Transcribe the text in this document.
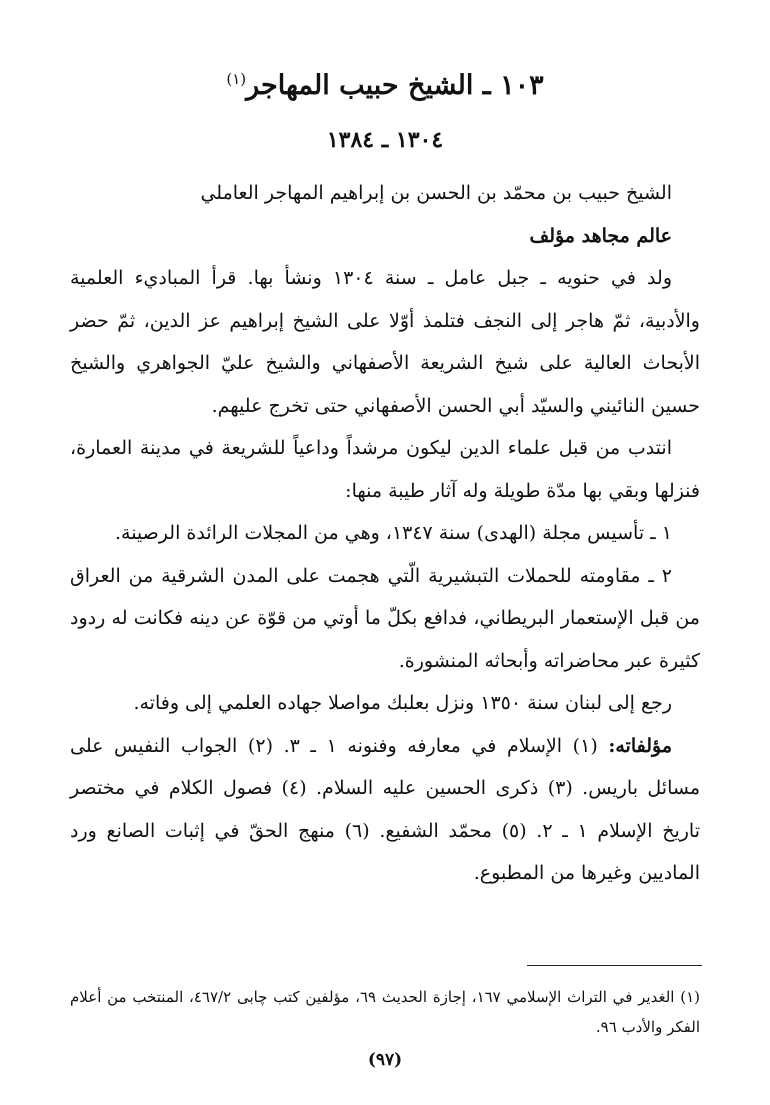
١٠٣ ـ الشيخ حبيب المهاجر$^{(١)}$
١٣٠٤ ـ ١٣٨٤

الشيخ حبيب بن محمّد بن الحسن بن إبراهيم المهاجر العاملي

عالم مجاهد مؤلف

ولد في حنويه ـ جبل عامل ـ سنة ١٣٠٤ ونشأ بها. قرأ المباديء العلمية والأدبية، ثمّ هاجر إلى النجف فتلمذ أوّلا على الشيخ إبراهيم عز الدين، ثمّ حضر الأبحاث العالية على شيخ الشريعة الأصفهاني والشيخ عليّ الجواهري والشيخ حسين النائيني والسيّد أبي الحسن الأصفهاني حتى تخرج عليهم.

انتدب من قبل علماء الدين ليكون مرشداً وداعياً للشريعة في مدينة العمارة، فنزلها وبقي بها مدّة طويلة وله آثار طيبة منها:

١ ـ تأسيس مجلة (الهدى) سنة ١٣٤٧، وهي من المجلات الرائدة الرصينة.

٢ ـ مقاومته للحملات التبشيرية الّتي هجمت على المدن الشرقية من العراق من قبل الإستعمار البريطاني، فدافع بكلّ ما أوتي من قوّة عن دينه فكانت له ردود كثيرة عبر محاضراته وأبحاثه المنشورة.

رجع إلى لبنان سنة ١٣٥٠ ونزل بعلبك مواصلا جهاده العلمي إلى وفاته.

مؤلفاته: (١) الإسلام في معارفه وفنونه ١ ـ ٣. (٢) الجواب النفيس على مسائل باريس. (٣) ذكرى الحسين عليه السلام. (٤) فصول الكلام في مختصر تاريخ الإسلام ١ ـ ٢. (٥) محمّد الشفيع. (٦) منهج الحقّ في إثبات الصانع ورد الماديين وغيرها من المطبوع.

(١) الغدير في التراث الإسلامي ١٦٧، إجازة الحديث ٦٩، مؤلفين كتب چابى ٤٦٧/٢، المنتخب من أعلام الفكر والأدب ٩٦.

(٩٧)
